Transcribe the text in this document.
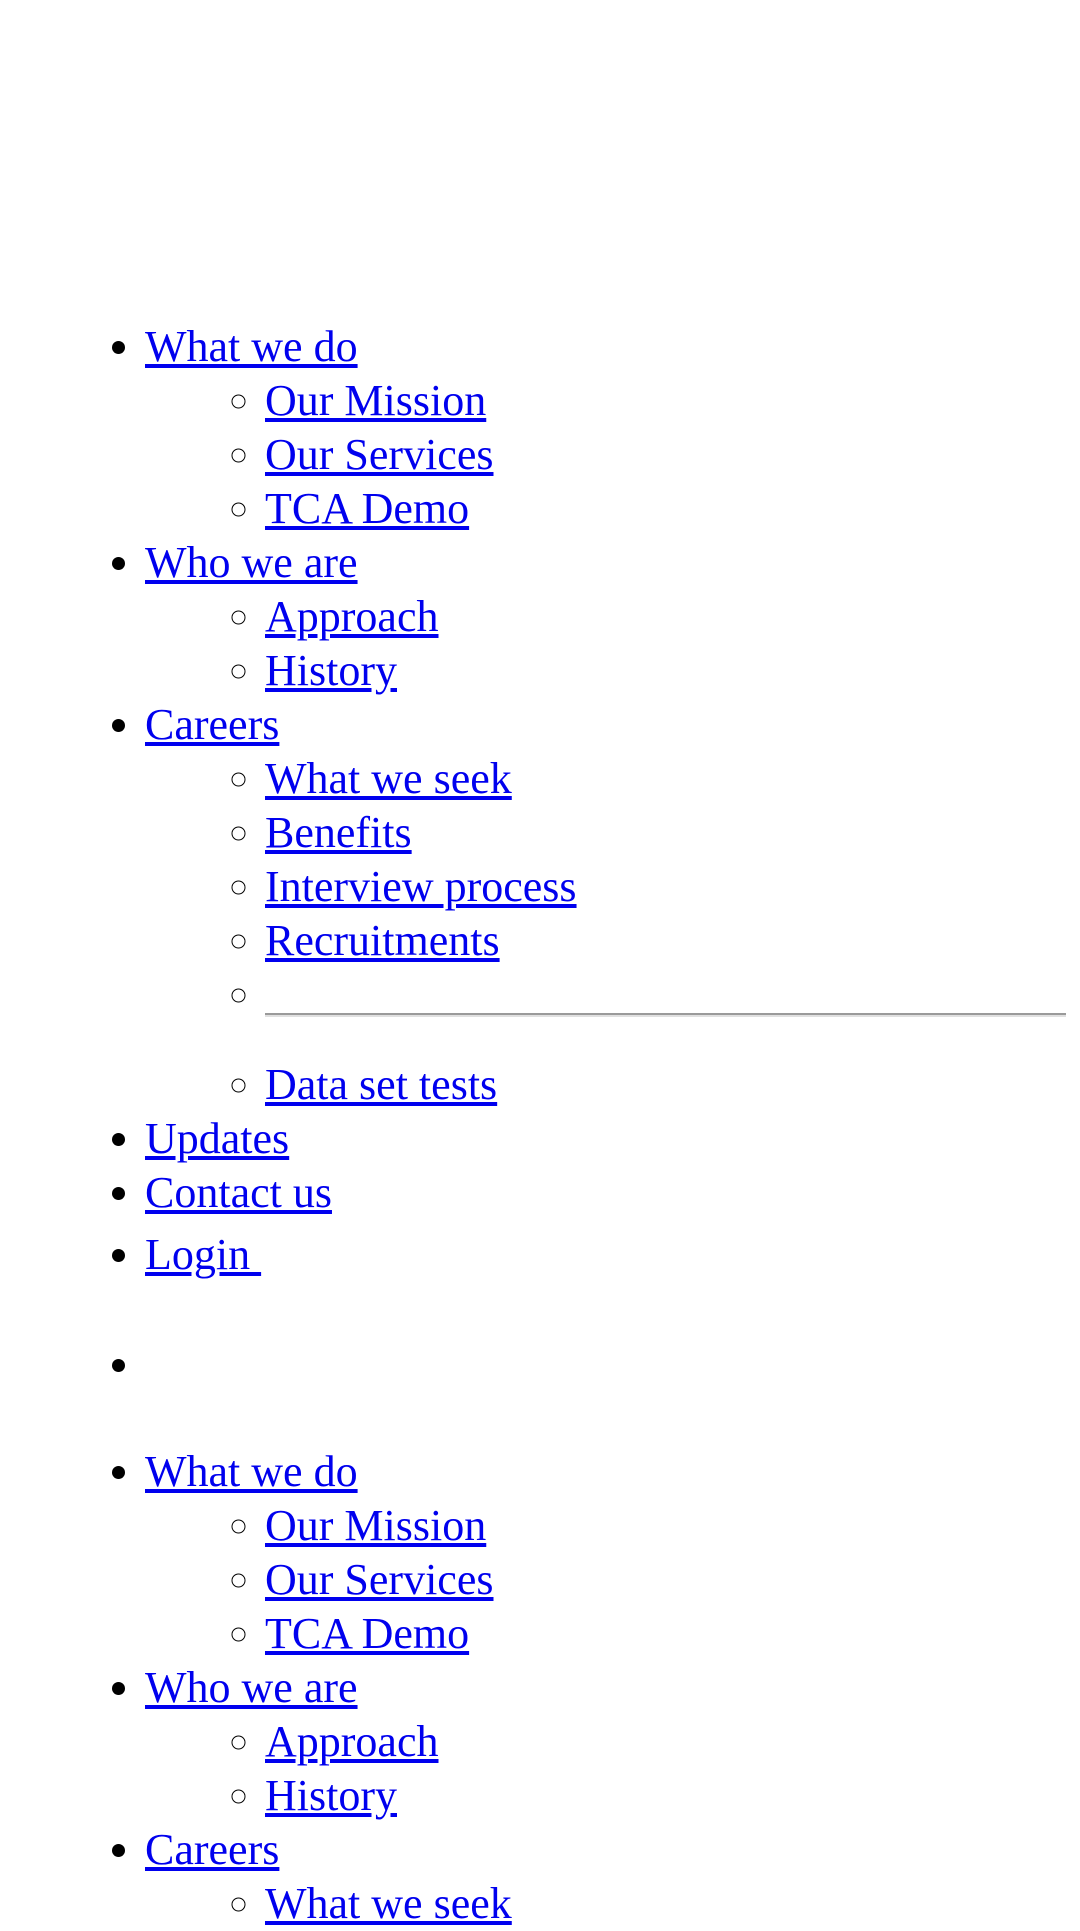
• What we do
◦ Our Mission
◦ Our Services
◦ TCA Demo
• Who we are
◦ Approach
◦ History
• Careers
◦ What we seek
◦ Benefits
◦ Interview process
◦ Recruitments
◦
◦ Data set tests
• Updates
• Contact us
• Login
•
• What we do
◦ Our Mission
◦ Our Services
◦ TCA Demo
• Who we are
◦ Approach
◦ History
• Careers
◦ What we seek
